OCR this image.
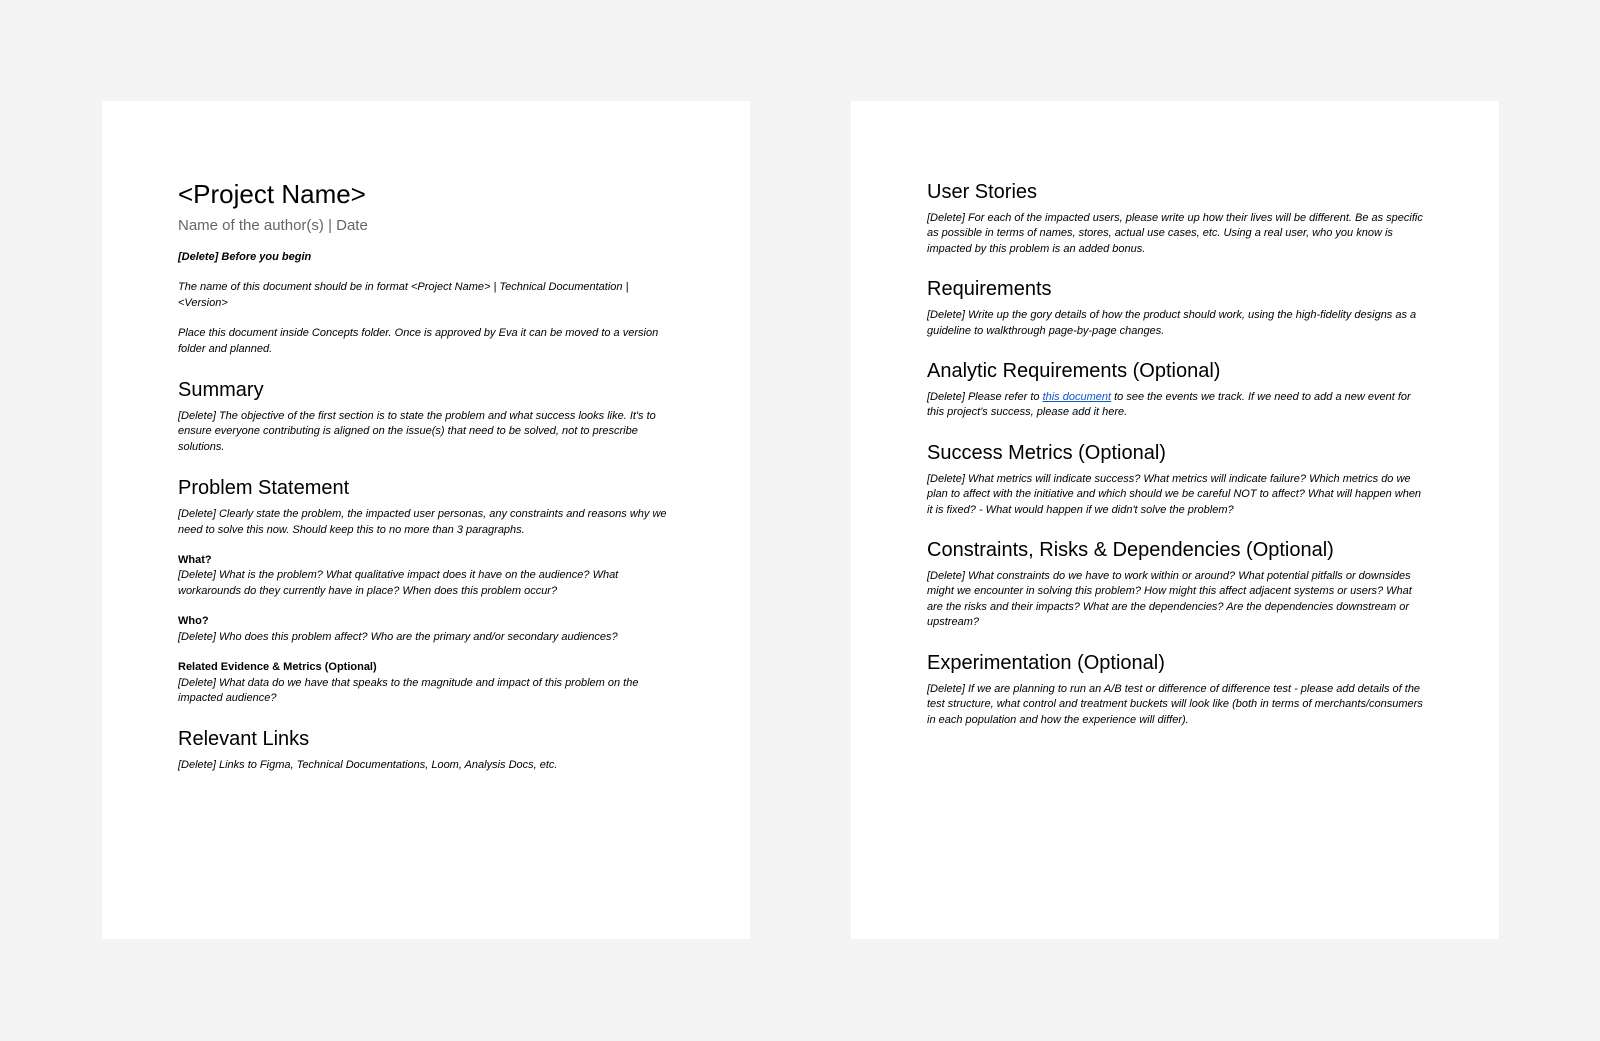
<Project Name>
Name of the author(s) | Date

[Delete] Before you begin

The name of this document should be in format <Project Name> | Technical Documentation | <Version>

Place this document inside Concepts folder. Once is approved by Eva it can be moved to a version folder and planned.

Summary

[Delete] The objective of the first section is to state the problem and what success looks like. It's to ensure everyone contributing is aligned on the issue(s) that need to be solved, not to prescribe solutions.

Problem Statement

[Delete] Clearly state the problem, the impacted user personas, any constraints and reasons why we need to solve this now. Should keep this to no more than 3 paragraphs.

What?

[Delete] What is the problem? What qualitative impact does it have on the audience? What workarounds do they currently have in place? When does this problem occur?

Who?

[Delete] Who does this problem affect? Who are the primary and/or secondary audiences?

Related Evidence & Metrics (Optional)

[Delete] What data do we have that speaks to the magnitude and impact of this problem on the impacted audience?

Relevant Links

[Delete] Links to Figma, Technical Documentations, Loom, Analysis Docs, etc.

User Stories

[Delete] For each of the impacted users, please write up how their lives will be different. Be as specific as possible in terms of names, stores, actual use cases, etc. Using a real user, who you know is impacted by this problem is an added bonus.

Requirements

[Delete] Write up the gory details of how the product should work, using the high-fidelity designs as a guideline to walkthrough page-by-page changes.

Analytic Requirements (Optional)

[Delete] Please refer to this document to see the events we track. If we need to add a new event for this project's success, please add it here.

Success Metrics (Optional)

[Delete] What metrics will indicate success? What metrics will indicate failure? Which metrics do we plan to affect with the initiative and which should we be careful NOT to affect? What will happen when it is fixed? - What would happen if we didn't solve the problem?

Constraints, Risks & Dependencies (Optional)

[Delete] What constraints do we have to work within or around? What potential pitfalls or downsides might we encounter in solving this problem? How might this affect adjacent systems or users? What are the risks and their impacts? What are the dependencies? Are the dependencies downstream or upstream?

Experimentation (Optional)

[Delete] If we are planning to run an A/B test or difference of difference test - please add details of the test structure, what control and treatment buckets will look like (both in terms of merchants/consumers in each population and how the experience will differ).
